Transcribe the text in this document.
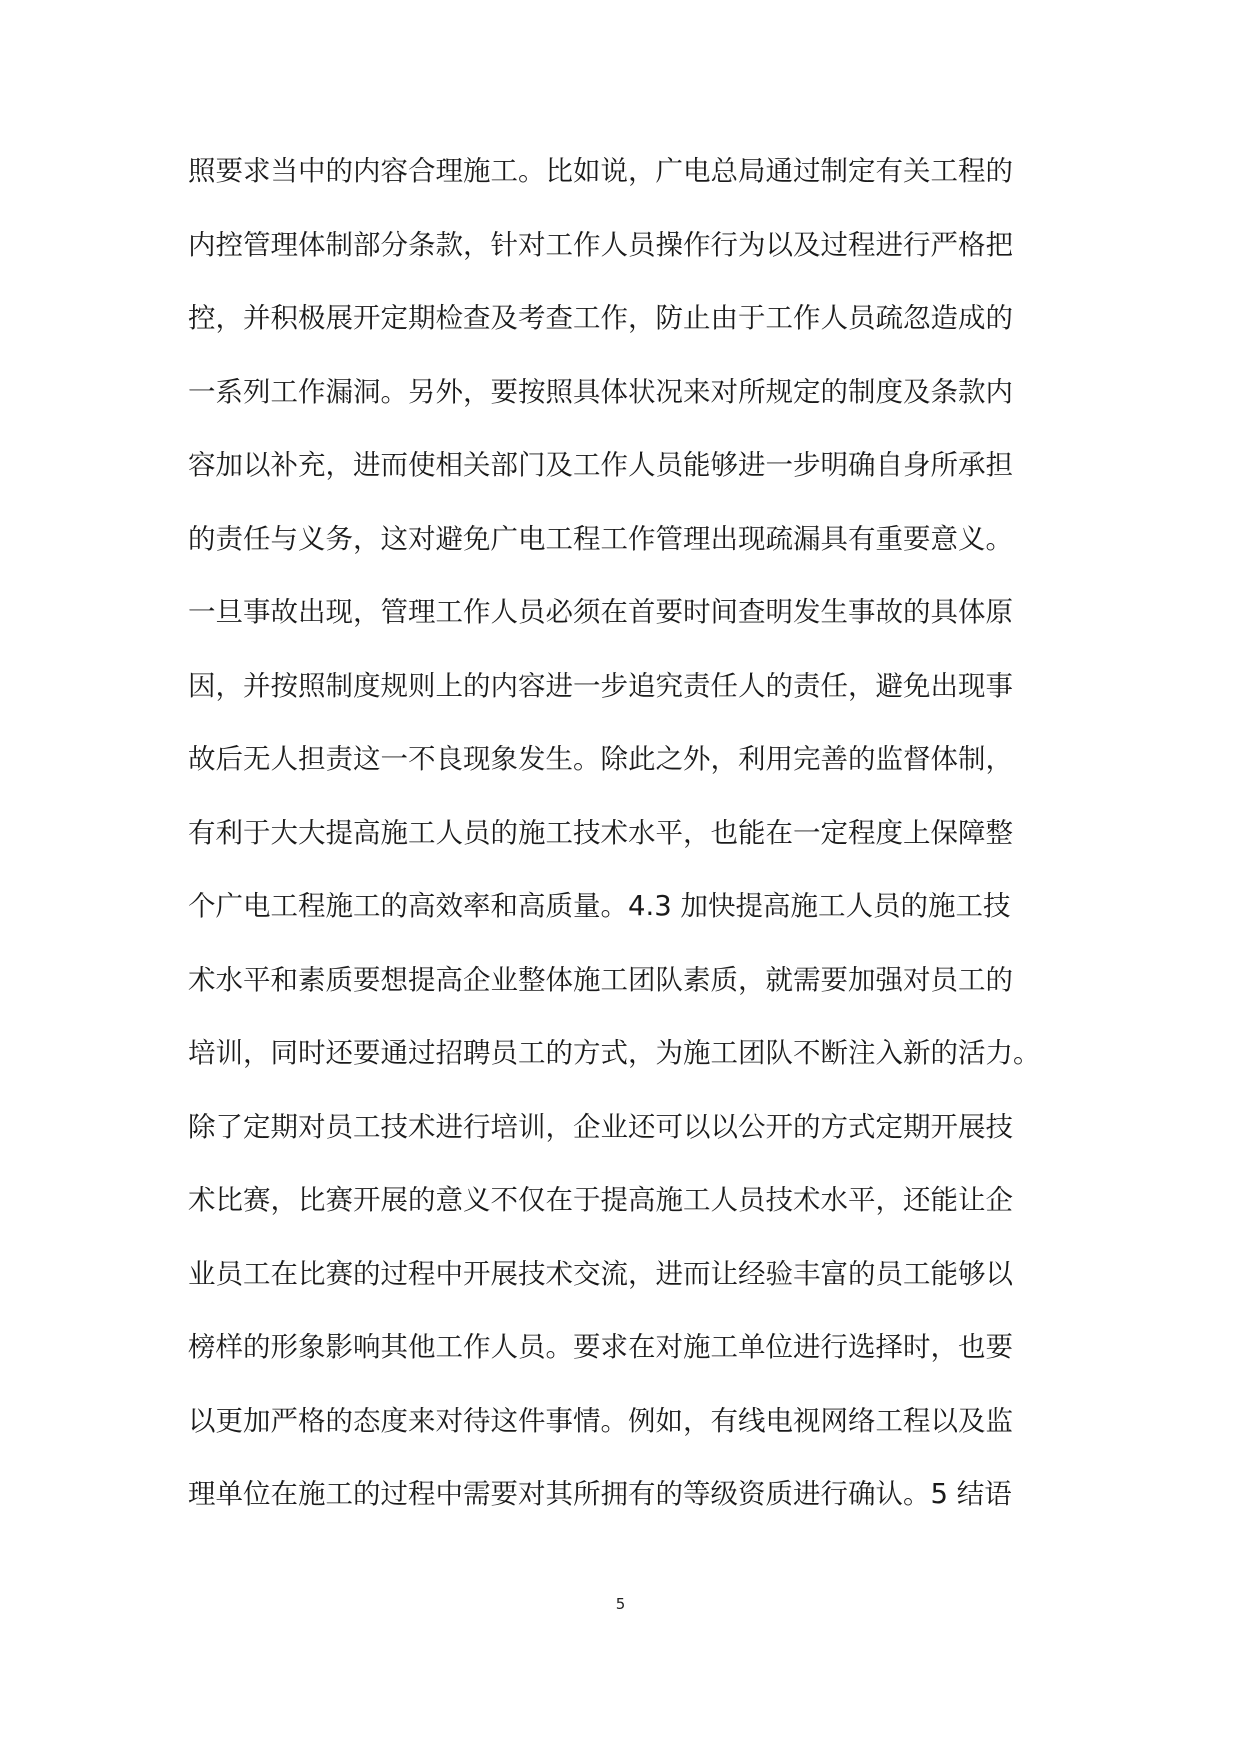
照要求当中的内容合理施工。比如说，广电总局通过制定有关工程的
内控管理体制部分条款，针对工作人员操作行为以及过程进行严格把
控，并积极展开定期检查及考查工作，防止由于工作人员疏忽造成的
一系列工作漏洞。另外，要按照具体状况来对所规定的制度及条款内
容加以补充，进而使相关部门及工作人员能够进一步明确自身所承担
的责任与义务，这对避免广电工程工作管理出现疏漏具有重要意义。
一旦事故出现，管理工作人员必须在首要时间查明发生事故的具体原
因，并按照制度规则上的内容进一步追究责任人的责任，避免出现事
故后无人担责这一不良现象发生。除此之外，利用完善的监督体制，
有利于大大提高施工人员的施工技术水平，也能在一定程度上保障整
个广电工程施工的高效率和高质量。4.3 加快提高施工人员的施工技
术水平和素质要想提高企业整体施工团队素质，就需要加强对员工的
培训，同时还要通过招聘员工的方式，为施工团队不断注入新的活力。
除了定期对员工技术进行培训，企业还可以以公开的方式定期开展技
术比赛，比赛开展的意义不仅在于提高施工人员技术水平，还能让企
业员工在比赛的过程中开展技术交流，进而让经验丰富的员工能够以
榜样的形象影响其他工作人员。要求在对施工单位进行选择时，也要
以更加严格的态度来对待这件事情。例如，有线电视网络工程以及监
理单位在施工的过程中需要对其所拥有的等级资质进行确认。5 结语
5
